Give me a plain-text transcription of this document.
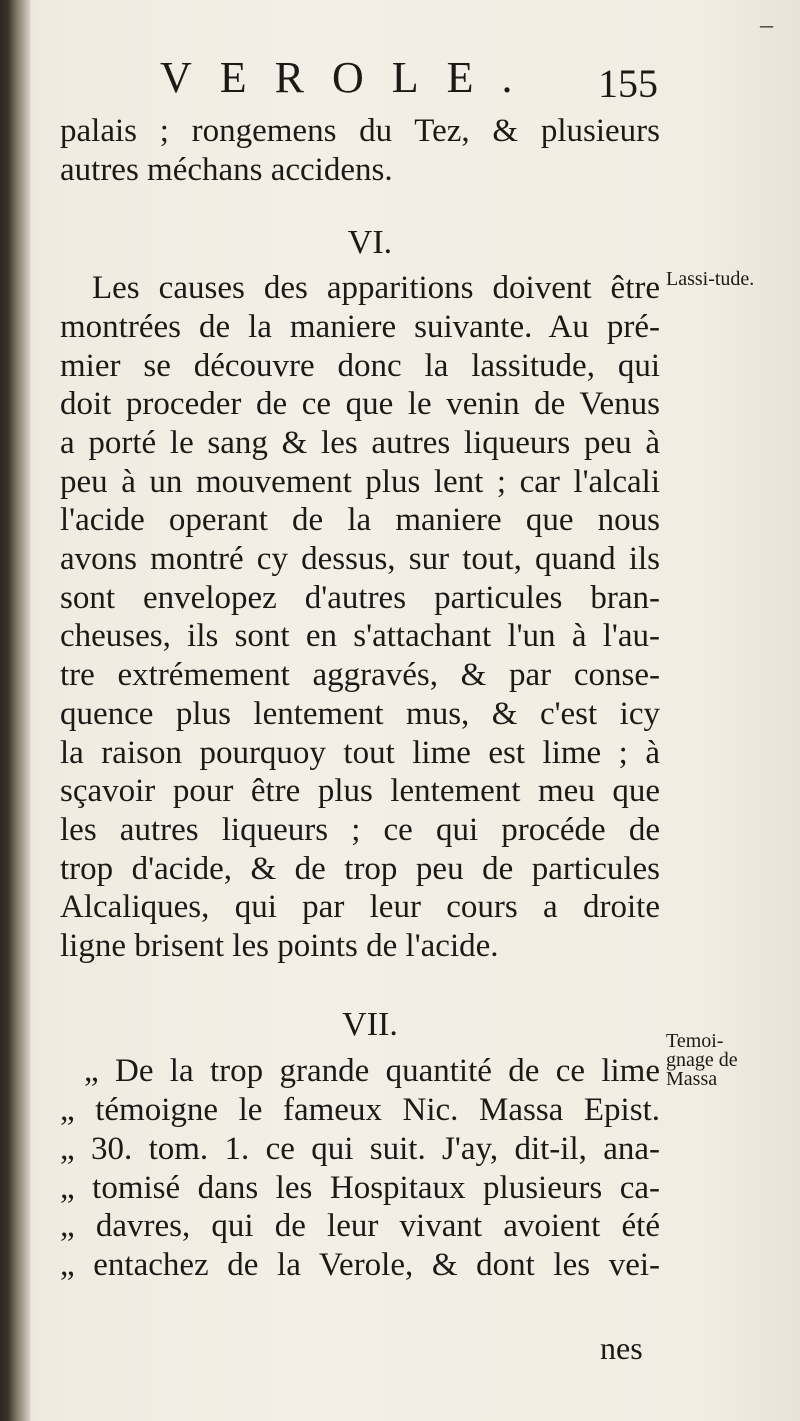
–
VEROLE. 155
palais ; rongemens du Tez, & plusieurs
autres méchans accidens.
VI.
Les causes des apparitions doivent être
montrées de la maniere suivante. Au pré-
mier se découvre donc la lassitude, qui
doit proceder de ce que le venin de Venus
a porté le sang & les autres liqueurs peu à
peu à un mouvement plus lent ; car l'alcali
l'acide operant de la maniere que nous
avons montré cy dessus, sur tout, quand ils
sont envelopez d'autres particules bran-
cheuses, ils sont en s'attachant l'un à l'au-
tre extrémement aggravés, & par conse-
quence plus lentement mus, & c'est icy
la raison pourquoy tout lime est lime ; à
sçavoir pour être plus lentement meu que
les autres liqueurs ; ce qui procéde de
trop d'acide, & de trop peu de particules
Alcaliques, qui par leur cours a droite
ligne brisent les points de l'acide.
VII.
„ De la trop grande quantité de ce lime
„ témoigne le fameux Nic. Massa Epist.
„ 30. tom. 1. ce qui suit. J'ay, dit-il, ana-
„ tomisé dans les Hospitaux plusieurs ca-
„ davres, qui de leur vivant avoient été
„ entachez de la Verole, & dont les vei-
Lassi-tude.
Temoi-gnage de Massa
nes
